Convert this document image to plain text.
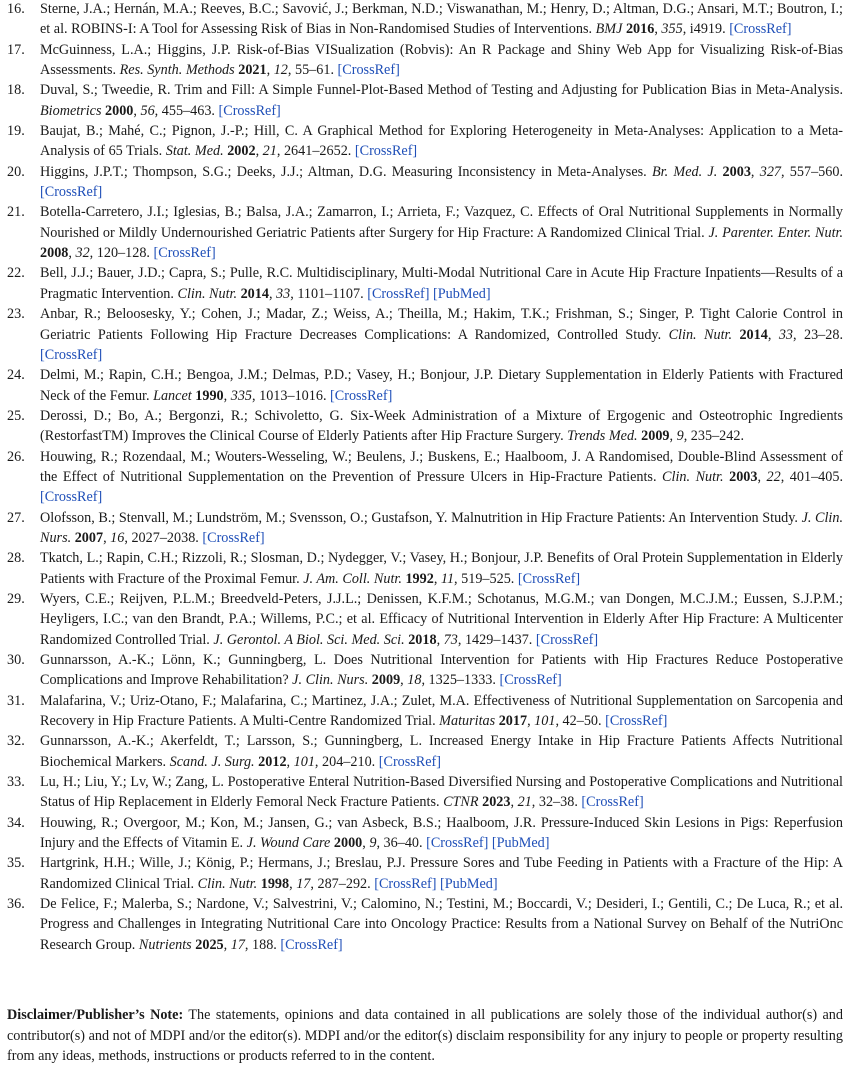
16.	Sterne, J.A.; Hernán, M.A.; Reeves, B.C.; Savović, J.; Berkman, N.D.; Viswanathan, M.; Henry, D.; Altman, D.G.; Ansari, M.T.; Boutron, I.; et al. ROBINS-I: A Tool for Assessing Risk of Bias in Non-Randomised Studies of Interventions. BMJ 2016, 355, i4919. [CrossRef]
17.	McGuinness, L.A.; Higgins, J.P. Risk-of-Bias VISualization (Robvis): An R Package and Shiny Web App for Visualizing Risk-of-Bias Assessments. Res. Synth. Methods 2021, 12, 55–61. [CrossRef]
18.	Duval, S.; Tweedie, R. Trim and Fill: A Simple Funnel-Plot-Based Method of Testing and Adjusting for Publication Bias in Meta-Analysis. Biometrics 2000, 56, 455–463. [CrossRef]
19.	Baujat, B.; Mahé, C.; Pignon, J.-P.; Hill, C. A Graphical Method for Exploring Heterogeneity in Meta-Analyses: Application to a Meta-Analysis of 65 Trials. Stat. Med. 2002, 21, 2641–2652. [CrossRef]
20.	Higgins, J.P.T.; Thompson, S.G.; Deeks, J.J.; Altman, D.G. Measuring Inconsistency in Meta-Analyses. Br. Med. J. 2003, 327, 557–560. [CrossRef]
21.	Botella-Carretero, J.I.; Iglesias, B.; Balsa, J.A.; Zamarron, I.; Arrieta, F.; Vazquez, C. Effects of Oral Nutritional Supplements in Normally Nourished or Mildly Undernourished Geriatric Patients after Surgery for Hip Fracture: A Randomized Clinical Trial. J. Parenter. Enter. Nutr. 2008, 32, 120–128. [CrossRef]
22.	Bell, J.J.; Bauer, J.D.; Capra, S.; Pulle, R.C. Multidisciplinary, Multi-Modal Nutritional Care in Acute Hip Fracture Inpatients—Results of a Pragmatic Intervention. Clin. Nutr. 2014, 33, 1101–1107. [CrossRef] [PubMed]
23.	Anbar, R.; Beloosesky, Y.; Cohen, J.; Madar, Z.; Weiss, A.; Theilla, M.; Hakim, T.K.; Frishman, S.; Singer, P. Tight Calorie Control in Geriatric Patients Following Hip Fracture Decreases Complications: A Randomized, Controlled Study. Clin. Nutr. 2014, 33, 23–28. [CrossRef]
24.	Delmi, M.; Rapin, C.H.; Bengoa, J.M.; Delmas, P.D.; Vasey, H.; Bonjour, J.P. Dietary Supplementation in Elderly Patients with Fractured Neck of the Femur. Lancet 1990, 335, 1013–1016. [CrossRef]
25.	Derossi, D.; Bo, A.; Bergonzi, R.; Schivoletto, G. Six-Week Administration of a Mixture of Ergogenic and Osteotrophic Ingredients (RestorfastTM) Improves the Clinical Course of Elderly Patients after Hip Fracture Surgery. Trends Med. 2009, 9, 235–242.
26.	Houwing, R.; Rozendaal, M.; Wouters-Wesseling, W.; Beulens, J.; Buskens, E.; Haalboom, J. A Randomised, Double-Blind Assessment of the Effect of Nutritional Supplementation on the Prevention of Pressure Ulcers in Hip-Fracture Patients. Clin. Nutr. 2003, 22, 401–405. [CrossRef]
27.	Olofsson, B.; Stenvall, M.; Lundström, M.; Svensson, O.; Gustafson, Y. Malnutrition in Hip Fracture Patients: An Intervention Study. J. Clin. Nurs. 2007, 16, 2027–2038. [CrossRef]
28.	Tkatch, L.; Rapin, C.H.; Rizzoli, R.; Slosman, D.; Nydegger, V.; Vasey, H.; Bonjour, J.P. Benefits of Oral Protein Supplementation in Elderly Patients with Fracture of the Proximal Femur. J. Am. Coll. Nutr. 1992, 11, 519–525. [CrossRef]
29.	Wyers, C.E.; Reijven, P.L.M.; Breedveld-Peters, J.J.L.; Denissen, K.F.M.; Schotanus, M.G.M.; van Dongen, M.C.J.M.; Eussen, S.J.P.M.; Heyligers, I.C.; van den Brandt, P.A.; Willems, P.C.; et al. Efficacy of Nutritional Intervention in Elderly After Hip Fracture: A Multicenter Randomized Controlled Trial. J. Gerontol. A Biol. Sci. Med. Sci. 2018, 73, 1429–1437. [CrossRef]
30.	Gunnarsson, A.-K.; Lönn, K.; Gunningberg, L. Does Nutritional Intervention for Patients with Hip Fractures Reduce Postoperative Complications and Improve Rehabilitation? J. Clin. Nurs. 2009, 18, 1325–1333. [CrossRef]
31.	Malafarina, V.; Uriz-Otano, F.; Malafarina, C.; Martinez, J.A.; Zulet, M.A. Effectiveness of Nutritional Supplementation on Sarcopenia and Recovery in Hip Fracture Patients. A Multi-Centre Randomized Trial. Maturitas 2017, 101, 42–50. [CrossRef]
32.	Gunnarsson, A.-K.; Akerfeldt, T.; Larsson, S.; Gunningberg, L. Increased Energy Intake in Hip Fracture Patients Affects Nutritional Biochemical Markers. Scand. J. Surg. 2012, 101, 204–210. [CrossRef]
33.	Lu, H.; Liu, Y.; Lv, W.; Zang, L. Postoperative Enteral Nutrition-Based Diversified Nursing and Postoperative Complications and Nutritional Status of Hip Replacement in Elderly Femoral Neck Fracture Patients. CTNR 2023, 21, 32–38. [CrossRef]
34.	Houwing, R.; Overgoor, M.; Kon, M.; Jansen, G.; van Asbeck, B.S.; Haalboom, J.R. Pressure-Induced Skin Lesions in Pigs: Reperfusion Injury and the Effects of Vitamin E. J. Wound Care 2000, 9, 36–40. [CrossRef] [PubMed]
35.	Hartgrink, H.H.; Wille, J.; König, P.; Hermans, J.; Breslau, P.J. Pressure Sores and Tube Feeding in Patients with a Fracture of the Hip: A Randomized Clinical Trial. Clin. Nutr. 1998, 17, 287–292. [CrossRef] [PubMed]
36.	De Felice, F.; Malerba, S.; Nardone, V.; Salvestrini, V.; Calomino, N.; Testini, M.; Boccardi, V.; Desideri, I.; Gentili, C.; De Luca, R.; et al. Progress and Challenges in Integrating Nutritional Care into Oncology Practice: Results from a National Survey on Behalf of the NutriOnc Research Group. Nutrients 2025, 17, 188. [CrossRef]

Disclaimer/Publisher’s Note: The statements, opinions and data contained in all publications are solely those of the individual author(s) and contributor(s) and not of MDPI and/or the editor(s). MDPI and/or the editor(s) disclaim responsibility for any injury to people or property resulting from any ideas, methods, instructions or products referred to in the content.
